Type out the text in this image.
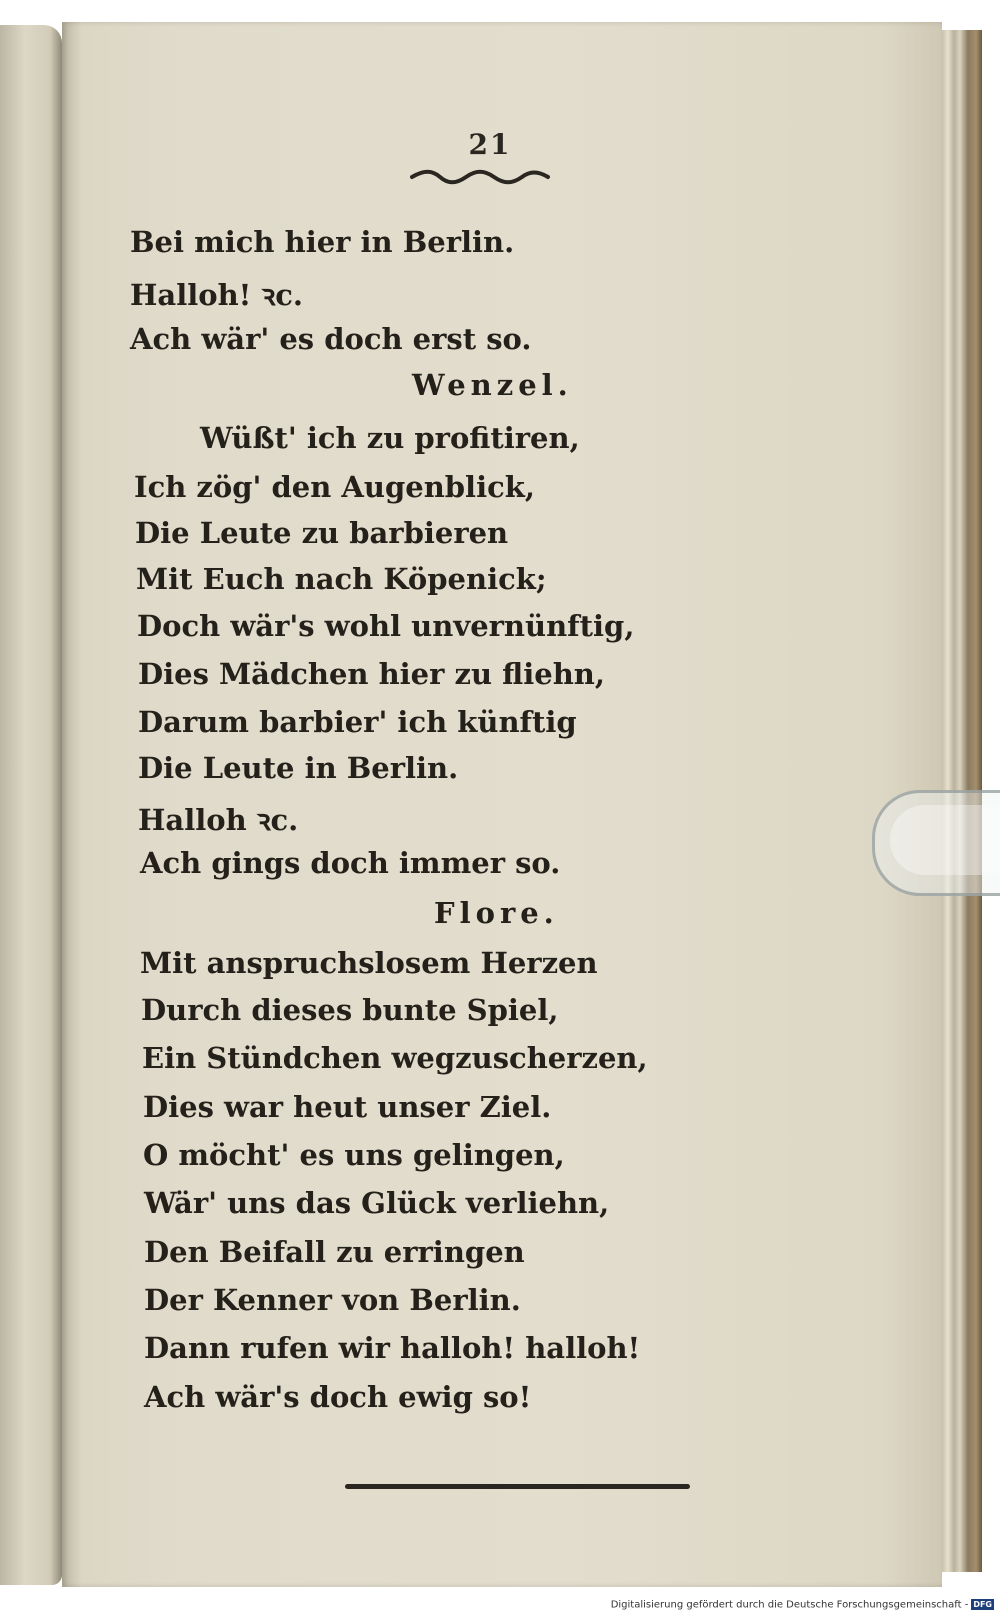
21
Bei mich hier in Berlin.
Halloh! ꝛc.
Ach wär' es doch erst so.
Wenzel.
Wüßt' ich zu profitiren,
Ich zög' den Augenblick,
Die Leute zu barbieren
Mit Euch nach Köpenick;
Doch wär's wohl unvernünftig,
Dies Mädchen hier zu fliehn,
Darum barbier' ich künftig
Die Leute in Berlin.
Halloh ꝛc.
Ach gings doch immer so.
Flore.
Mit anspruchslosem Herzen
Durch dieses bunte Spiel,
Ein Stündchen wegzuscherzen,
Dies war heut unser Ziel.
O möcht' es uns gelingen,
Wär' uns das Glück verliehn,
Den Beifall zu erringen
Der Kenner von Berlin.
Dann rufen wir halloh! halloh!
Ach wär's doch ewig so!
Digitalisierung gefördert durch die Deutsche Forschungsgemeinschaft - DFG
